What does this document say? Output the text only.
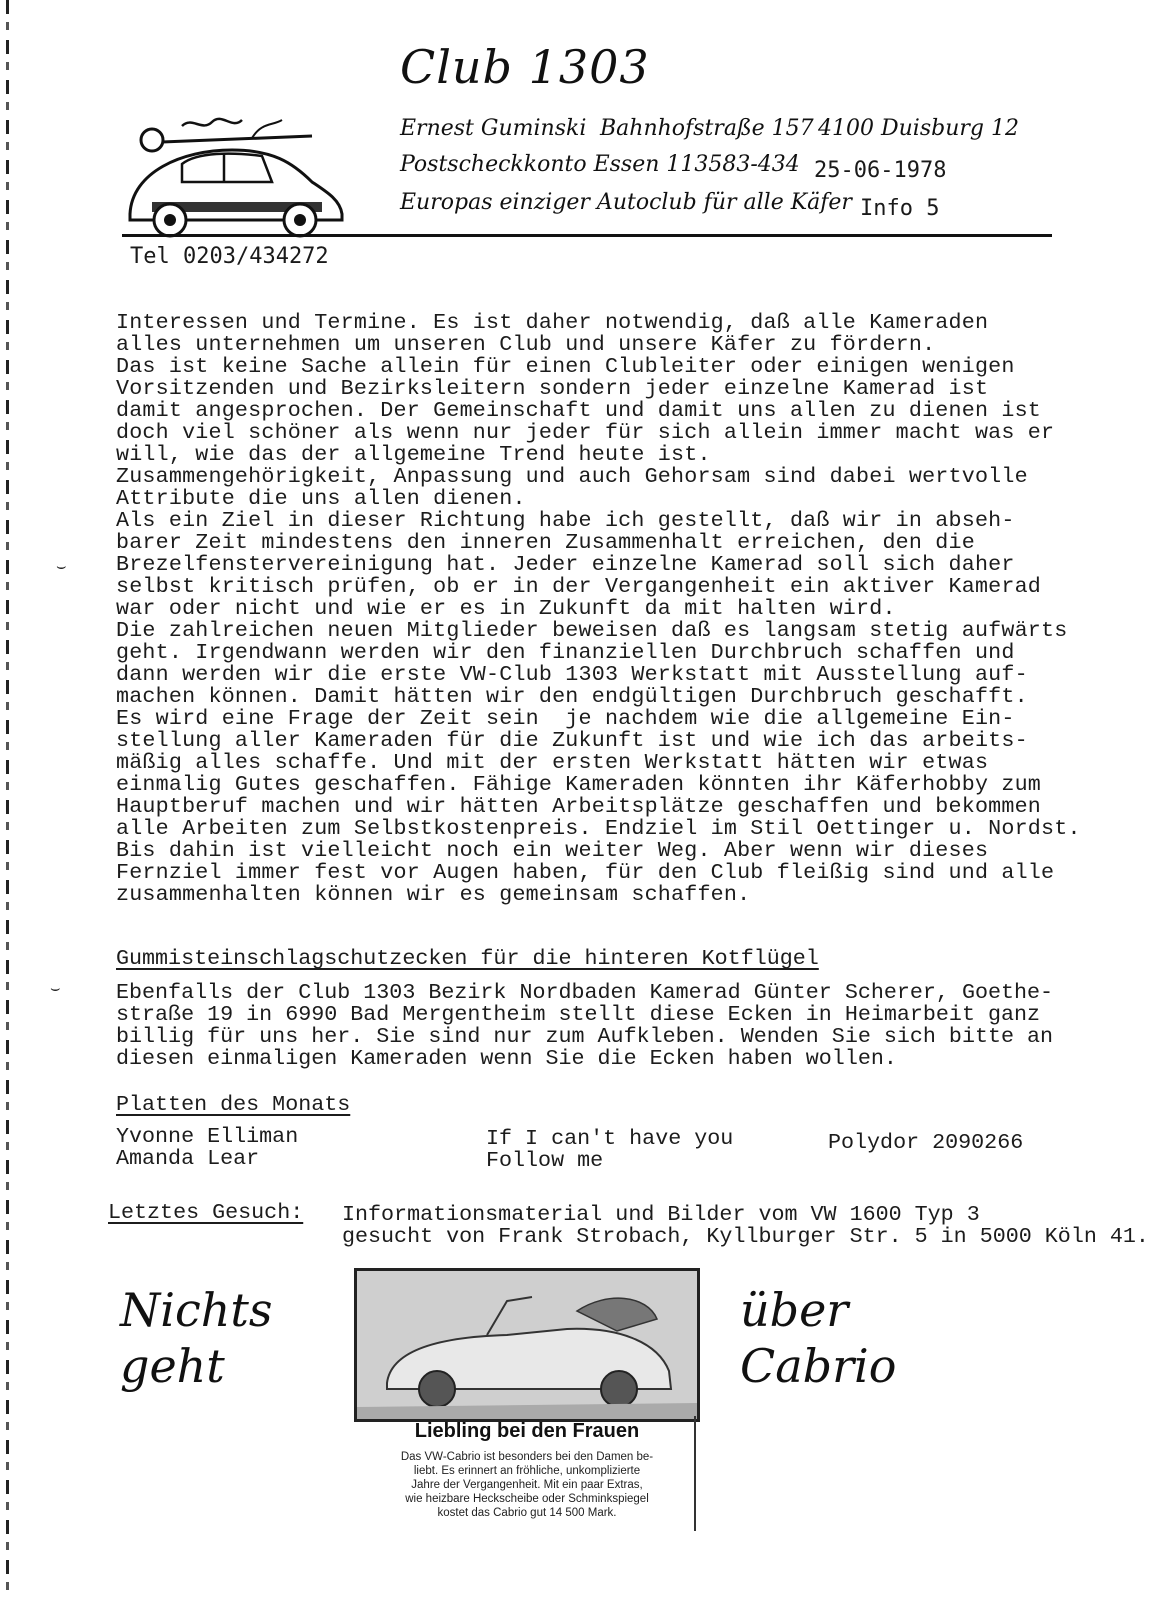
Club 1303
Ernest Guminski Bahnhofstraße 157 4100 Duisburg 12
Postscheckkonto Essen 113583-434 25-06-1978
Europas einziger Autoclub für alle Käfer Info 5
Tel 0203/434272
Interessen und Termine. Es ist daher notwendig, daß alle Kameraden
alles unternehmen um unseren Club und unsere Käfer zu fördern.
Das ist keine Sache allein für einen Clubleiter oder einigen wenigen
Vorsitzenden und Bezirksleitern sondern jeder einzelne Kamerad ist
damit angesprochen. Der Gemeinschaft und damit uns allen zu dienen ist
doch viel schöner als wenn nur jeder für sich allein immer macht was er
will, wie das der allgemeine Trend heute ist.
Zusammengehörigkeit, Anpassung und auch Gehorsam sind dabei wertvolle
Attribute die uns allen dienen.
Als ein Ziel in dieser Richtung habe ich gestellt, daß wir in abseh-
barer Zeit mindestens den inneren Zusammenhalt erreichen, den die
Brezelfenstervereinigung hat. Jeder einzelne Kamerad soll sich daher
selbst kritisch prüfen, ob er in der Vergangenheit ein aktiver Kamerad
war oder nicht und wie er es in Zukunft da mit halten wird.
Die zahlreichen neuen Mitglieder beweisen daß es langsam stetig aufwärts
geht. Irgendwann werden wir den finanziellen Durchbruch schaffen und
dann werden wir die erste VW-Club 1303 Werkstatt mit Ausstellung auf-
machen können. Damit hätten wir den endgültigen Durchbruch geschafft.
Es wird eine Frage der Zeit sein  je nachdem wie die allgemeine Ein-
stellung aller Kameraden für die Zukunft ist und wie ich das arbeits-
mäßig alles schaffe. Und mit der ersten Werkstatt hätten wir etwas
einmalig Gutes geschaffen. Fähige Kameraden könnten ihr Käferhobby zum
Hauptberuf machen und wir hätten Arbeitsplätze geschaffen und bekommen
alle Arbeiten zum Selbstkostenpreis. Endziel im Stil Oettinger u. Nordst.
Bis dahin ist vielleicht noch ein weiter Weg. Aber wenn wir dieses
Fernziel immer fest vor Augen haben, für den Club fleißig sind und alle
zusammenhalten können wir es gemeinsam schaffen.
Gummisteinschlagschutzecken für die hinteren Kotflügel
Ebenfalls der Club 1303 Bezirk Nordbaden Kamerad Günter Scherer, Goethe-
straße 19 in 6990 Bad Mergentheim stellt diese Ecken in Heimarbeit ganz
billig für uns her. Sie sind nur zum Aufkleben. Wenden Sie sich bitte an
diesen einmaligen Kameraden wenn Sie die Ecken haben wollen.
Platten des Monats
Yvonne Elliman
Amanda Lear
If I can't have you
Follow me
Polydor 2090266
Letztes Gesuch: Informationsmaterial und Bilder vom VW 1600 Typ 3
gesucht von Frank Strobach, Kyllburger Str. 5 in 5000 Köln 41.
⌣
⌣
Nichts
geht
über
Cabrio
Liebling bei den Frauen
Das VW-Cabrio ist besonders bei den Damen be-
liebt. Es erinnert an fröhliche, unkomplizierte
Jahre der Vergangenheit. Mit ein paar Extras,
wie heizbare Heckscheibe oder Schminkspiegel
kostet das Cabrio gut 14 500 Mark.
